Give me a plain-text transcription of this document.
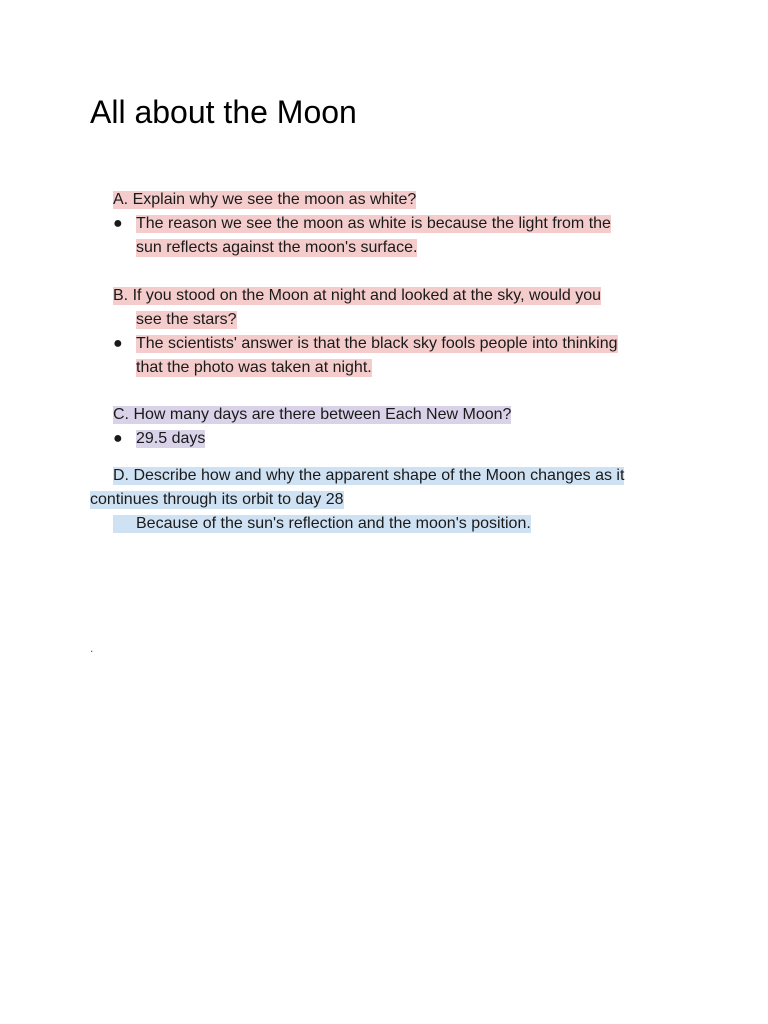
All about the Moon
A. Explain why we see the moon as white?
● The reason we see the moon as white is because the light from the
sun reflects against the moon's surface.
B. If you stood on the Moon at night and looked at the sky, would you
see the stars?
● The scientists' answer is that the black sky fools people into thinking
that the photo was taken at night.
C. How many days are there between Each New Moon?
● 29.5 days
D. Describe how and why the apparent shape of the Moon changes as it
continues through its orbit to day 28
Because of the sun's reflection and the moon's position.
.
